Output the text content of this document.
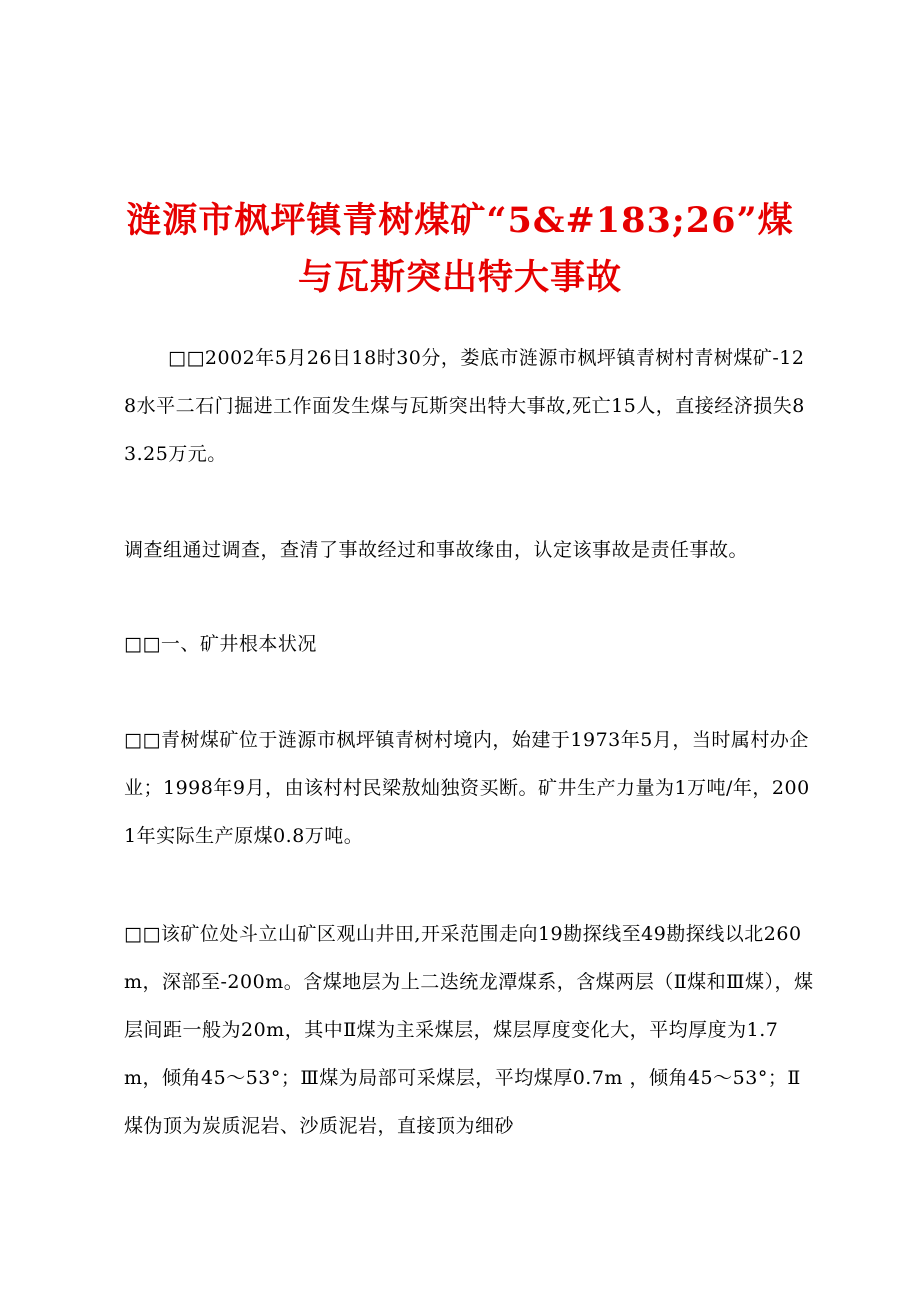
涟源市枫坪镇青树煤矿“5&#183;26”煤与瓦斯突出特大事故

□□2002年5月26日18时30分，娄底市涟源市枫坪镇青树村青树煤矿-128水平二石门掘进工作面发生煤与瓦斯突出特大事故,死亡15人，直接经济损失83.25万元。

调查组通过调查，查清了事故经过和事故缘由，认定该事故是责任事故。

□□一、矿井根本状况

□□青树煤矿位于涟源市枫坪镇青树村境内，始建于1973年5月，当时属村办企业；1998年9月，由该村村民梁敖灿独资买断。矿井生产力量为1万吨/年，2001年实际生产原煤0.8万吨。

□□该矿位处斗立山矿区观山井田,开采范围走向19勘探线至49勘探线以北260m，深部至-200m。含煤地层为上二迭统龙潭煤系，含煤两层（Ⅱ煤和Ⅲ煤），煤层间距一般为20m，其中Ⅱ煤为主采煤层，煤层厚度变化大，平均厚度为1.7m，倾角45～53°；Ⅲ煤为局部可采煤层，平均煤厚0.7m ，倾角45～53°；Ⅱ煤伪顶为炭质泥岩、沙质泥岩，直接顶为细砂
